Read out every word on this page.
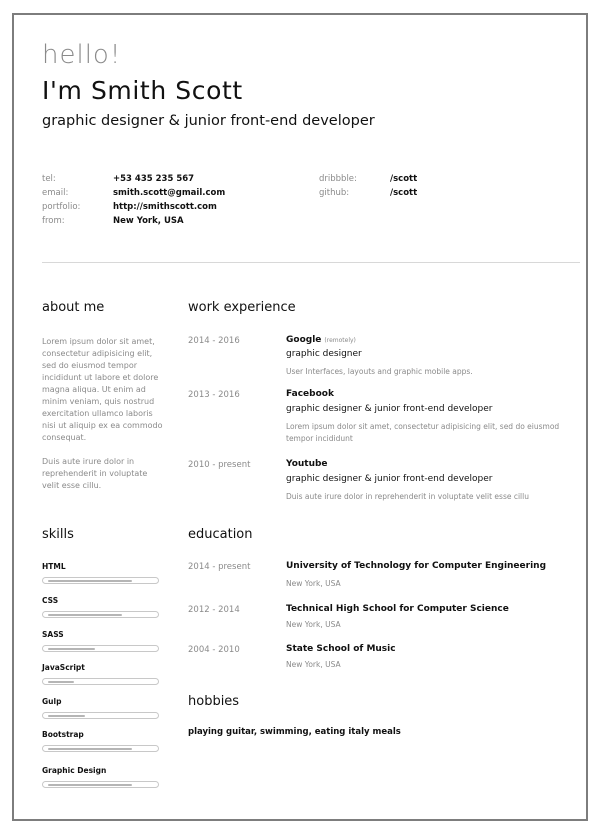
hello!
I'm Smith Scott
graphic designer & junior front-end developer
tel:	+53 435 235 567
email:	smith.scott@gmail.com
portfolio:	http://smithscott.com
from:	New York, USA
dribbble:	/scott
github:	/scott
about me

Lorem ipsum dolor sit amet, consectetur adipisicing elit, sed do eiusmod tempor incididunt ut labore et dolore magna aliqua. Ut enim ad minim veniam, quis nostrud exercitation ullamco laboris nisi ut aliquip ex ea commodo consequat.

Duis aute irure dolor in reprehenderit in voluptate velit esse cillu.

work experience
2014 - 2016	Google (remotely)
graphic designer
User Interfaces, layouts and graphic mobile apps.
2013 - 2016	Facebook
graphic designer & junior front-end developer
Lorem ipsum dolor sit amet, consectetur adipisicing elit, sed do eiusmod tempor incididunt
2010 - present	Youtube
graphic designer & junior front-end developer
Duis aute irure dolor in reprehenderit in voluptate velit esse cillu
skills
HTML
CSS
SASS
JavaScript
Gulp
Bootstrap
Graphic Design
education
2014 - present	University of Technology for Computer Engineering
New York, USA
2012 - 2014	Technical High School for Computer Science
New York, USA
2004 - 2010	State School of Music
New York, USA
hobbies
playing guitar, swimming, eating italy meals
